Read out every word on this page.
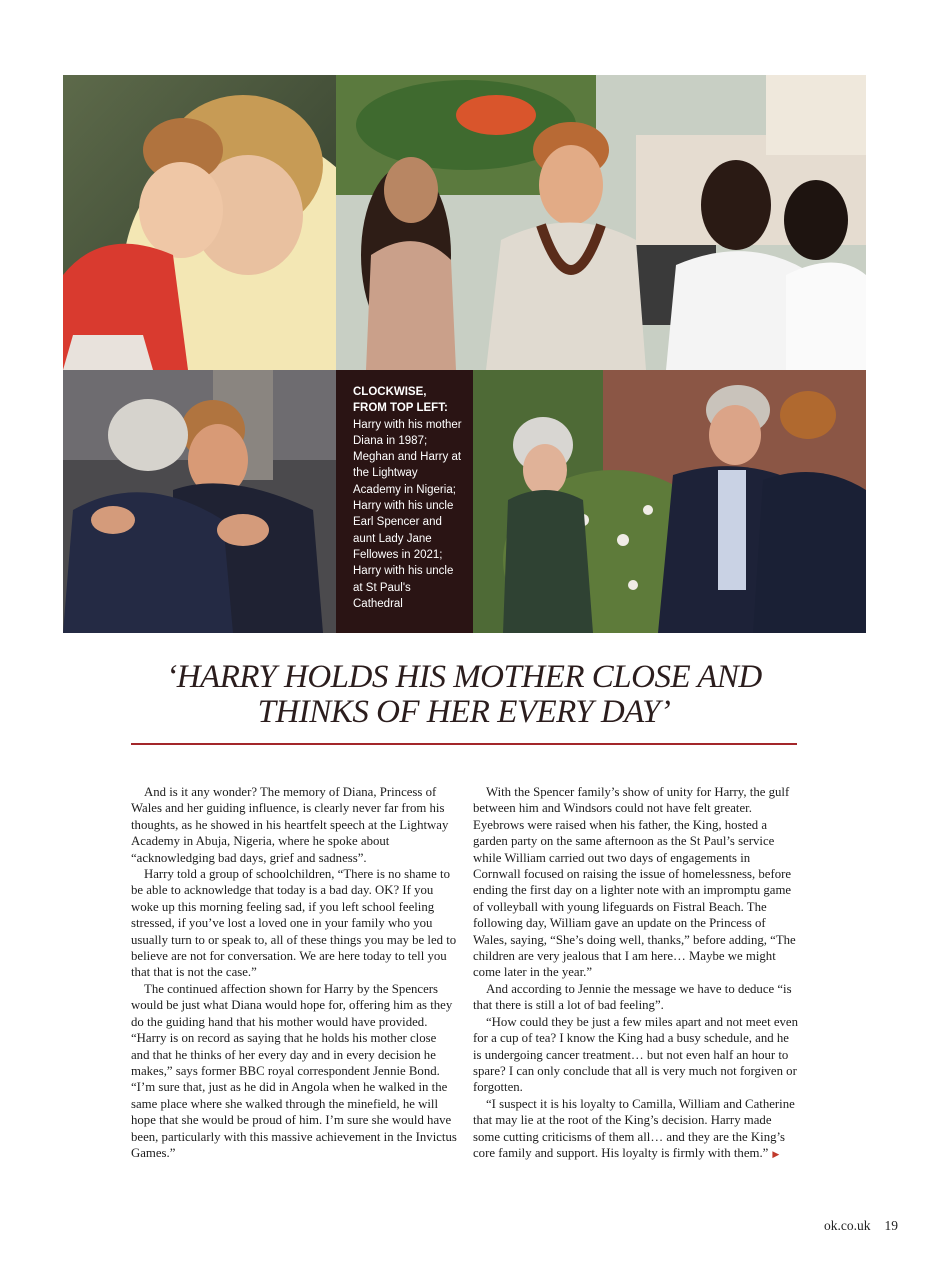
CLOCKWISE, FROM TOP LEFT: Harry with his mother Diana in 1987; Meghan and Harry at the Lightway Academy in Nigeria; Harry with his uncle Earl Spencer and aunt Lady Jane Fellowes in 2021; Harry with his uncle at St Paul's Cathedral
‘HARRY HOLDS HIS MOTHER CLOSE AND THINKS OF HER EVERY DAY’

And is it any wonder? The memory of Diana, Princess of Wales and her guiding influence, is clearly never far from his thoughts, as he showed in his heartfelt speech at the Lightway Academy in Abuja, Nigeria, where he spoke about “acknowledging bad days, grief and sadness”.

Harry told a group of schoolchildren, “There is no shame to be able to acknowledge that today is a bad day. OK? If you woke up this morning feeling sad, if you left school feeling stressed, if you’ve lost a loved one in your family who you usually turn to or speak to, all of these things you may be led to believe are not for conversation. We are here today to tell you that that is not the case.”

The continued affection shown for Harry by the Spencers would be just what Diana would hope for, offering him as they do the guiding hand that his mother would have provided. “Harry is on record as saying that he holds his mother close and that he thinks of her every day and in every decision he makes,” says former BBC royal correspondent Jennie Bond. “I’m sure that, just as he did in Angola when he walked in the same place where she walked through the minefield, he will hope that she would be proud of him. I’m sure she would have been, particularly with this massive achievement in the Invictus Games.”

With the Spencer family’s show of unity for Harry, the gulf between him and Windsors could not have felt greater. Eyebrows were raised when his father, the King, hosted a garden party on the same afternoon as the St Paul’s service while William carried out two days of engagements in Cornwall focused on raising the issue of homelessness, before ending the first day on a lighter note with an impromptu game of volleyball with young lifeguards on Fistral Beach. The following day, William gave an update on the Princess of Wales, saying, “She’s doing well, thanks,” before adding, “The children are very jealous that I am here… Maybe we might come later in the year.”

And according to Jennie the message we have to deduce “is that there is still a lot of bad feeling”.

“How could they be just a few miles apart and not meet even for a cup of tea? I know the King had a busy schedule, and he is undergoing cancer treatment… but not even half an hour to spare? I can only conclude that all is very much not forgiven or forgotten.

“I suspect it is his loyalty to Camilla, William and Catherine that may lie at the root of the King’s decision. Harry made some cutting criticisms of them all… and they are the King’s core family and support. His loyalty is firmly with them.” ▶

ok.co.uk 19
